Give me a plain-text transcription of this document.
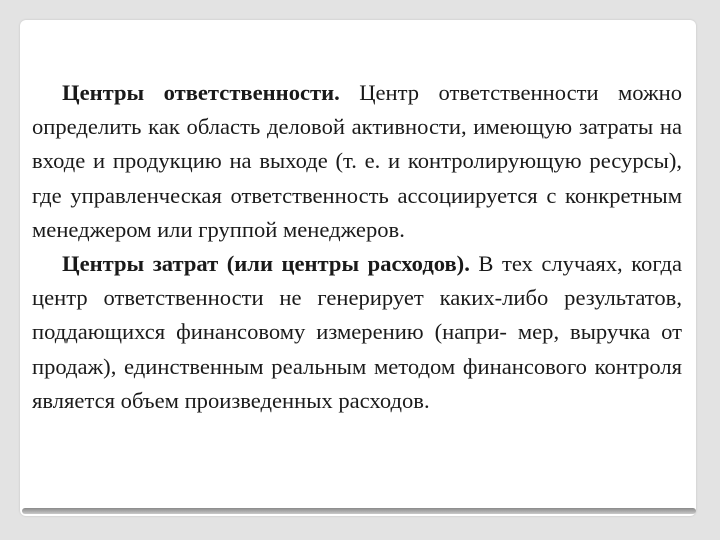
Центры ответственности. Центр ответственности можно определить как область деловой активности, имеющую затраты на входе и продукцию на выходе (т. е. и контролирующую ресурсы), где управленческая ответственность ассоциируется с конкретным менеджером или группой менеджеров.

Центры затрат (или центры расходов). В тех случаях, когда центр ответственности не генерирует каких-либо результатов, поддающихся финансовому измерению (напри- мер, выручка от продаж), единственным реальным методом финансового контроля является объем произведенных расходов.
